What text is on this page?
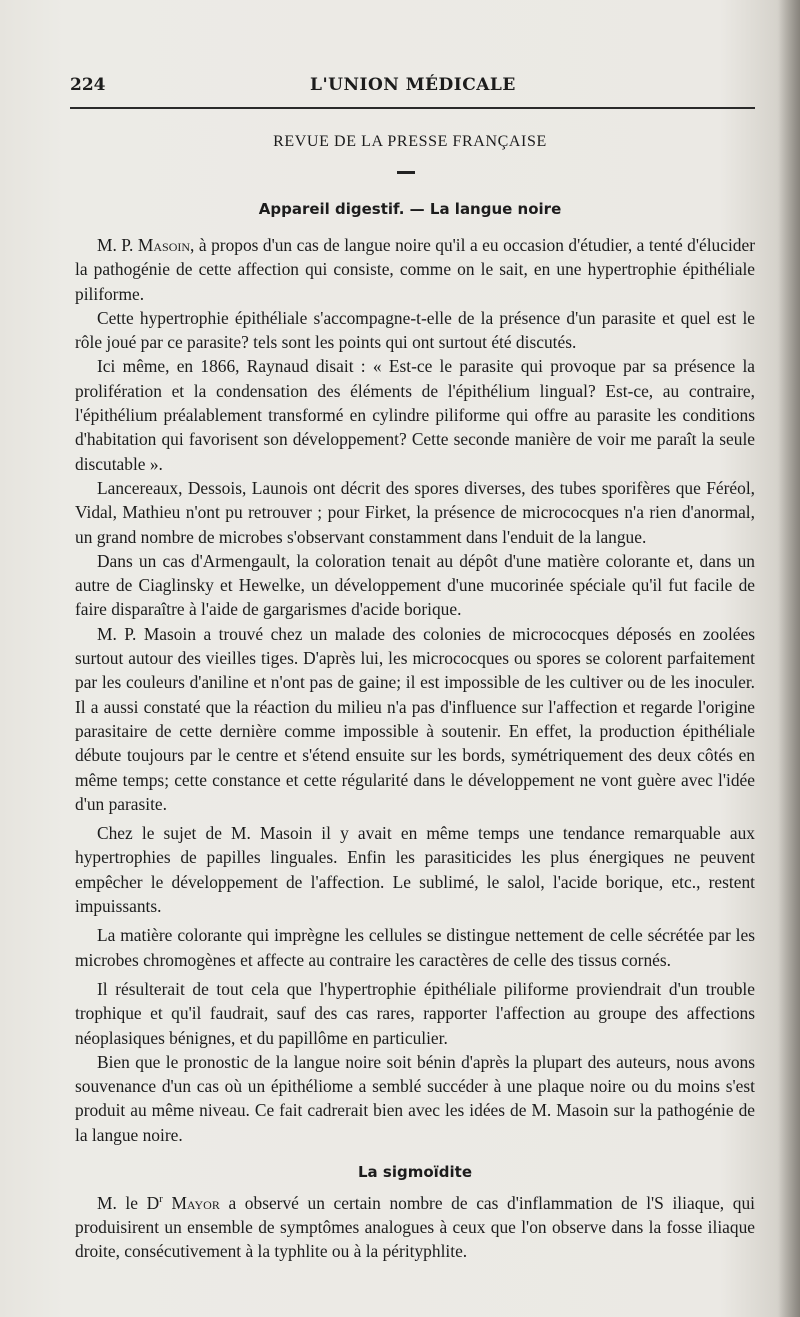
224	L'UNION MÉDICALE
REVUE DE LA PRESSE FRANÇAISE
Appareil digestif. — La langue noire

M. P. Masoin, à propos d'un cas de langue noire qu'il a eu occasion d'étudier, a tenté d'élucider la pathogénie de cette affection qui consiste, comme on le sait, en une hypertrophie épithéliale piliforme.

Cette hypertrophie épithéliale s'accompagne-t-elle de la présence d'un parasite et quel est le rôle joué par ce parasite? tels sont les points qui ont surtout été discutés.

Ici même, en 1866, Raynaud disait : « Est-ce le parasite qui provoque par sa présence la prolifération et la condensation des éléments de l'épithélium lingual? Est-ce, au contraire, l'épithélium préalablement transformé en cylindre piliforme qui offre au parasite les conditions d'habitation qui favorisent son développement? Cette seconde manière de voir me paraît la seule discutable ».

Lancereaux, Dessois, Launois ont décrit des spores diverses, des tubes sporifères que Féréol, Vidal, Mathieu n'ont pu retrouver ; pour Firket, la présence de micrococques n'a rien d'anormal, un grand nombre de microbes s'observant constamment dans l'enduit de la langue.

Dans un cas d'Armengault, la coloration tenait au dépôt d'une matière colorante et, dans un autre de Ciaglinsky et Hewelke, un développement d'une mucorinée spéciale qu'il fut facile de faire disparaître à l'aide de gargarismes d'acide borique.

M. P. Masoin a trouvé chez un malade des colonies de micrococques déposés en zoolées surtout autour des vieilles tiges. D'après lui, les micrococques ou spores se colorent parfaitement par les couleurs d'aniline et n'ont pas de gaine; il est impossible de les cultiver ou de les inoculer. Il a aussi constaté que la réaction du milieu n'a pas d'influence sur l'affection et regarde l'origine parasitaire de cette dernière comme impossible à soutenir. En effet, la production épithéliale débute toujours par le centre et s'étend ensuite sur les bords, symétriquement des deux côtés en même temps; cette constance et cette régularité dans le développement ne vont guère avec l'idée d'un parasite.

Chez le sujet de M. Masoin il y avait en même temps une tendance remarquable aux hypertrophies de papilles linguales. Enfin les parasiticides les plus énergiques ne peuvent empêcher le développement de l'affection. Le sublimé, le salol, l'acide borique, etc., restent impuissants.

La matière colorante qui imprègne les cellules se distingue nettement de celle sécrétée par les microbes chromogènes et affecte au contraire les caractères de celle des tissus cornés.

Il résulterait de tout cela que l'hypertrophie épithéliale piliforme proviendrait d'un trouble trophique et qu'il faudrait, sauf des cas rares, rapporter l'affection au groupe des affections néoplasiques bénignes, et du papillôme en particulier.

Bien que le pronostic de la langue noire soit bénin d'après la plupart des auteurs, nous avons souvenance d'un cas où un épithéliome a semblé succéder à une plaque noire ou du moins s'est produit au même niveau. Ce fait cadrerait bien avec les idées de M. Masoin sur la pathogénie de la langue noire.

La sigmoïdite

M. le $D^r$ Mayor a observé un certain nombre de cas d'inflammation de l'S iliaque, qui produisirent un ensemble de symptômes analogues à ceux que l'on observe dans la fosse iliaque droite, consécutivement à la typhlite ou à la pérityphlite.
